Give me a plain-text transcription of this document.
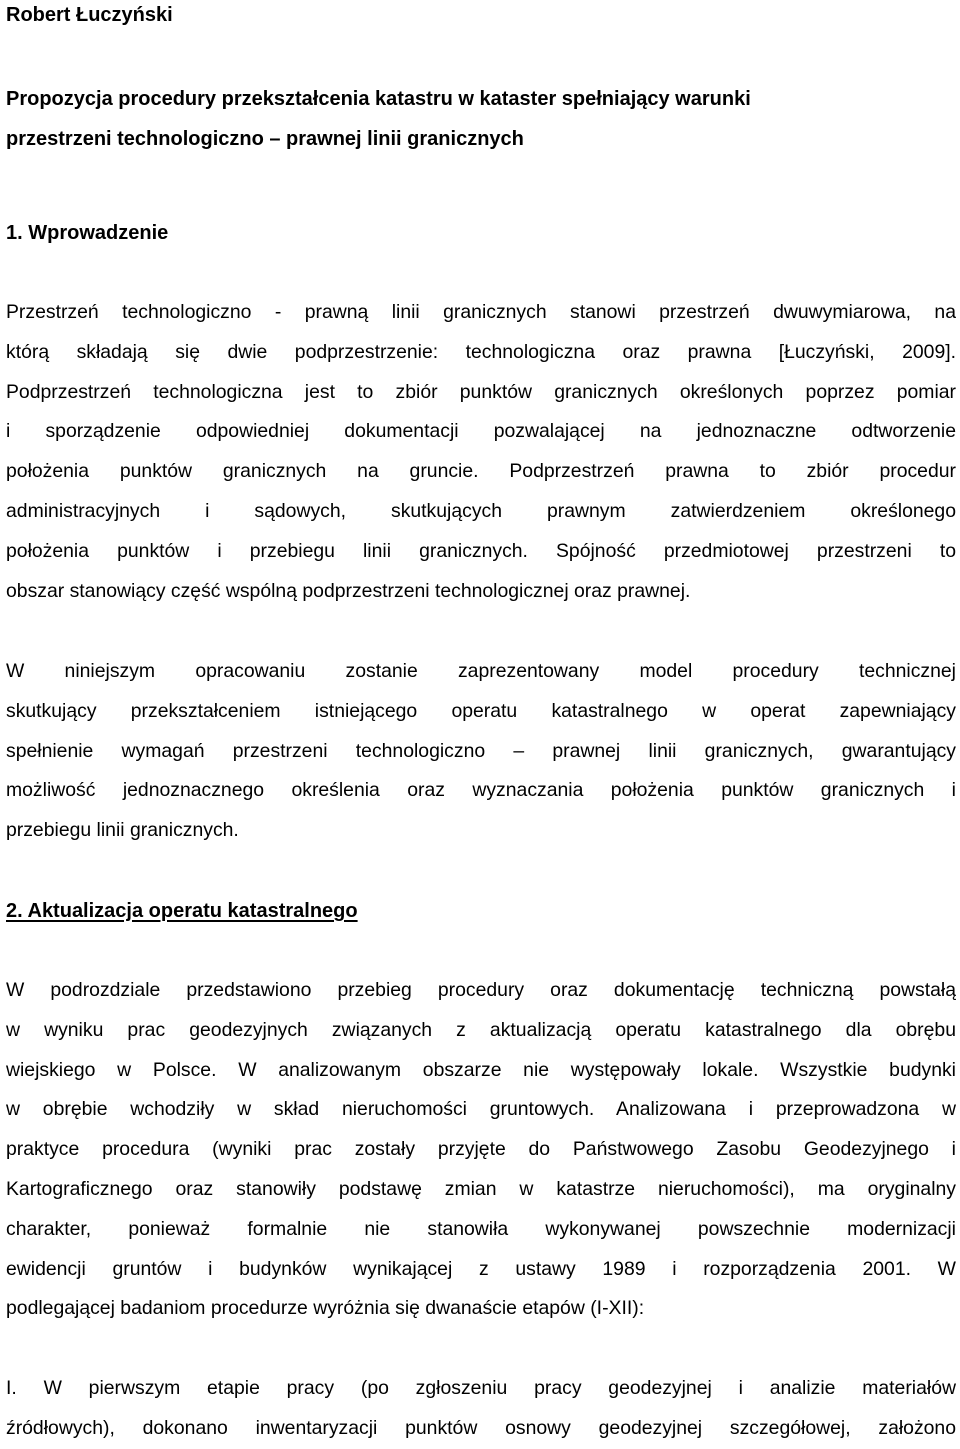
Robert Łuczyński
Propozycja procedury przekształcenia katastru w kataster spełniający warunki
przestrzeni technologiczno – prawnej linii granicznych
1. Wprowadzenie
Przestrzeń technologiczno - prawną linii granicznych stanowi przestrzeń dwuwymiarowa, na
którą składają się dwie podprzestrzenie: technologiczna oraz prawna [Łuczyński, 2009].
Podprzestrzeń technologiczna jest to zbiór punktów granicznych określonych poprzez pomiar
i sporządzenie odpowiedniej dokumentacji pozwalającej na jednoznaczne odtworzenie
położenia punktów granicznych na gruncie. Podprzestrzeń prawna to zbiór procedur
administracyjnych i sądowych, skutkujących prawnym zatwierdzeniem określonego
położenia punktów i przebiegu linii granicznych. Spójność przedmiotowej przestrzeni to
obszar stanowiący część wspólną podprzestrzeni technologicznej oraz prawnej.
W niniejszym opracowaniu zostanie zaprezentowany model procedury technicznej
skutkujący przekształceniem istniejącego operatu katastralnego w operat zapewniający
spełnienie wymagań przestrzeni technologiczno – prawnej linii granicznych, gwarantujący
możliwość jednoznacznego określenia oraz wyznaczania położenia punktów granicznych i
przebiegu linii granicznych.
2. Aktualizacja operatu katastralnego
W podrozdziale przedstawiono przebieg procedury oraz dokumentację techniczną powstałą
w wyniku prac geodezyjnych związanych z aktualizacją operatu katastralnego dla obrębu
wiejskiego w Polsce. W analizowanym obszarze nie występowały lokale. Wszystkie budynki
w obrębie wchodziły w skład nieruchomości gruntowych. Analizowana i przeprowadzona w
praktyce procedura (wyniki prac zostały przyjęte do Państwowego Zasobu Geodezyjnego i
Kartograficznego oraz stanowiły podstawę zmian w katastrze nieruchomości), ma oryginalny
charakter, ponieważ formalnie nie stanowiła wykonywanej powszechnie modernizacji
ewidencji gruntów i budynków wynikającej z ustawy 1989 i rozporządzenia 2001. W
podlegającej badaniom procedurze wyróżnia się dwanaście etapów (I-XII):
I. W pierwszym etapie pracy (po zgłoszeniu pracy geodezyjnej i analizie materiałów
źródłowych), dokonano inwentaryzacji punktów osnowy geodezyjnej szczegółowej, założono
